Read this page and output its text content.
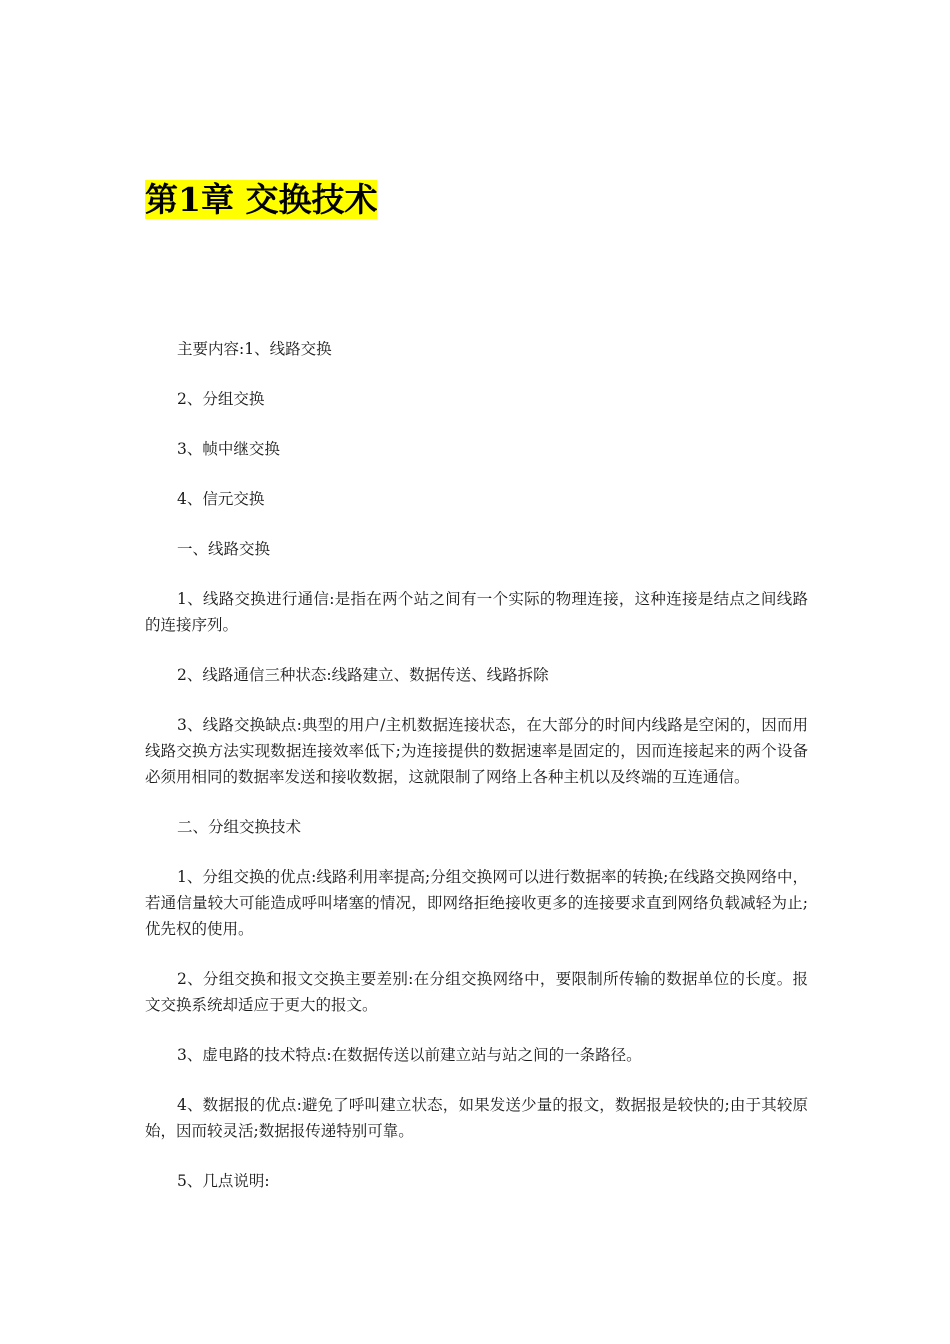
第1章 交换技术

主要内容:1、线路交换

2、分组交换

3、帧中继交换

4、信元交换

一、线路交换

1、线路交换进行通信:是指在两个站之间有一个实际的物理连接，这种连接是结点之间线路的连接序列。

2、线路通信三种状态:线路建立、数据传送、线路拆除

3、线路交换缺点:典型的用户/主机数据连接状态，在大部分的时间内线路是空闲的，因而用线路交换方法实现数据连接效率低下;为连接提供的数据速率是固定的，因而连接起来的两个设备必须用相同的数据率发送和接收数据，这就限制了网络上各种主机以及终端的互连通信。

二、分组交换技术

1、分组交换的优点:线路利用率提高;分组交换网可以进行数据率的转换;在线路交换网络中，若通信量较大可能造成呼叫堵塞的情况，即网络拒绝接收更多的连接要求直到网络负载减轻为止;优先权的使用。

2、分组交换和报文交换主要差别:在分组交换网络中，要限制所传输的数据单位的长度。报文交换系统却适应于更大的报文。

3、虚电路的技术特点:在数据传送以前建立站与站之间的一条路径。

4、数据报的优点:避免了呼叫建立状态，如果发送少量的报文，数据报是较快的;由于其较原始，因而较灵活;数据报传递特别可靠。

5、几点说明:
